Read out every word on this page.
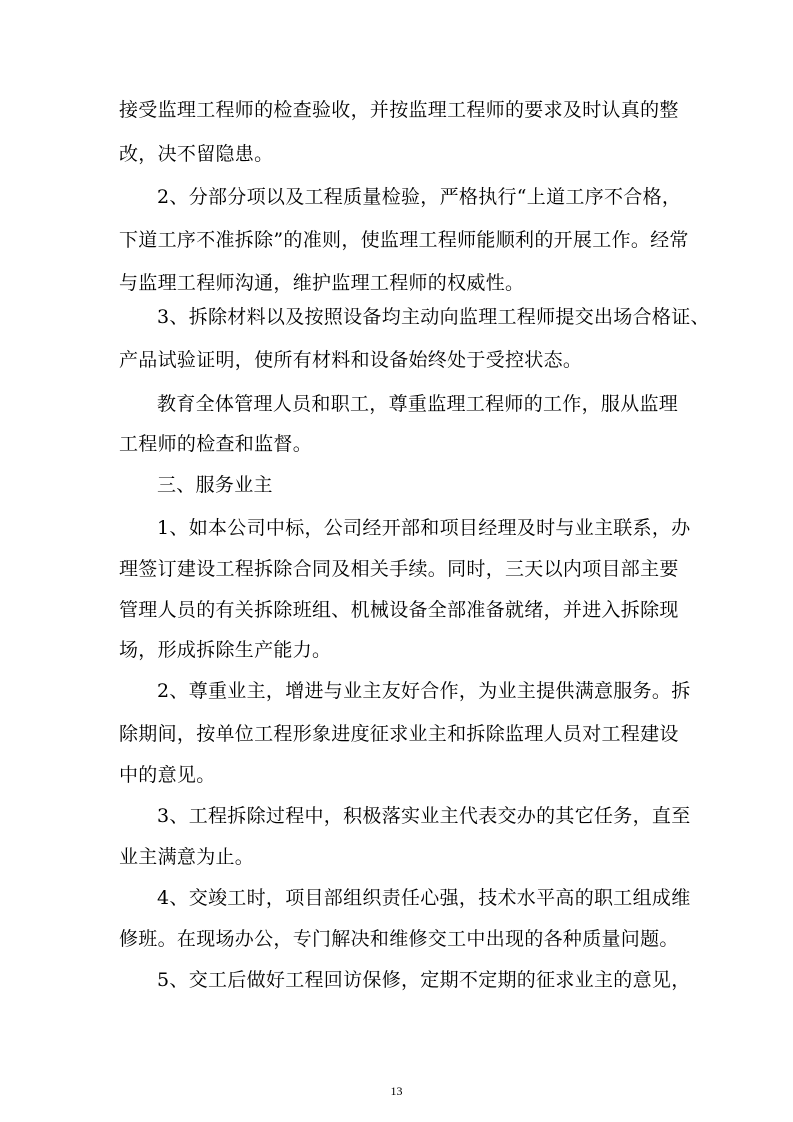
接受监理工程师的检查验收，并按监理工程师的要求及时认真的整
改，决不留隐患。
2、分部分项以及工程质量检验，严格执行“上道工序不合格，
下道工序不准拆除”的准则，使监理工程师能顺利的开展工作。经常
与监理工程师沟通，维护监理工程师的权威性。
3、拆除材料以及按照设备均主动向监理工程师提交出场合格证、
产品试验证明，使所有材料和设备始终处于受控状态。
教育全体管理人员和职工，尊重监理工程师的工作，服从监理
工程师的检查和监督。
三、服务业主
1、如本公司中标，公司经开部和项目经理及时与业主联系，办
理签订建设工程拆除合同及相关手续。同时，三天以内项目部主要
管理人员的有关拆除班组、机械设备全部准备就绪，并进入拆除现
场，形成拆除生产能力。
2、尊重业主，增进与业主友好合作，为业主提供满意服务。拆
除期间，按单位工程形象进度征求业主和拆除监理人员对工程建设
中的意见。
3、工程拆除过程中，积极落实业主代表交办的其它任务，直至
业主满意为止。
4、交竣工时，项目部组织责任心强，技术水平高的职工组成维
修班。在现场办公，专门解决和维修交工中出现的各种质量问题。
5、交工后做好工程回访保修，定期不定期的征求业主的意见，
13
